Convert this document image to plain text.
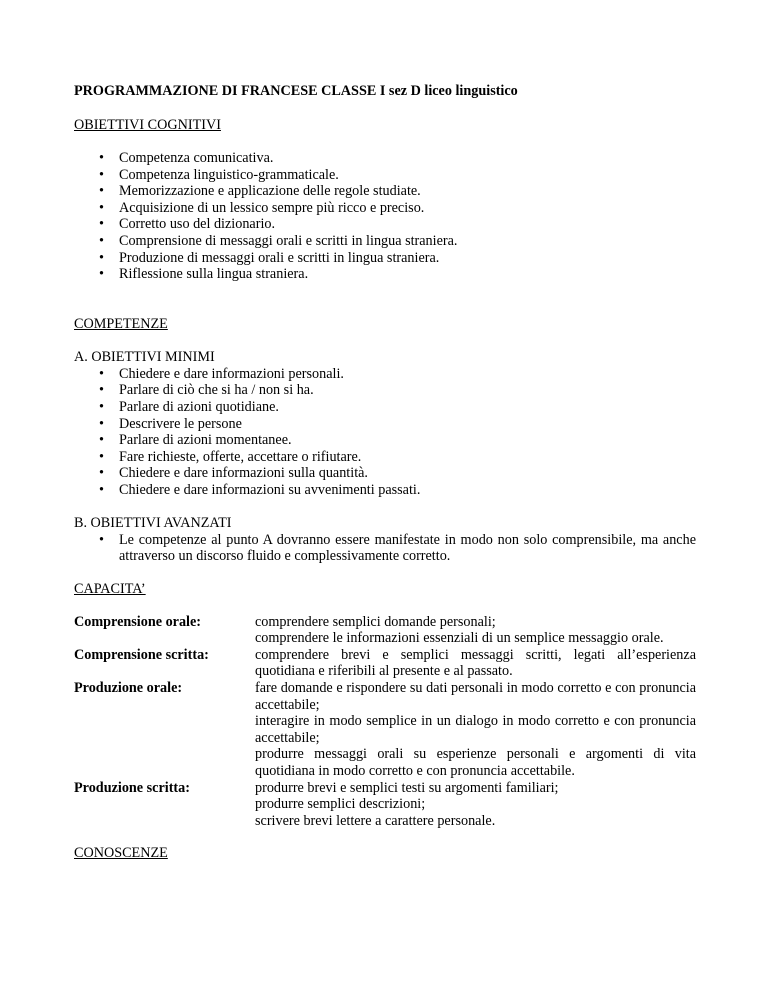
PROGRAMMAZIONE DI FRANCESE CLASSE I sez D liceo linguistico

OBIETTIVI COGNITIVI

• Competenza comunicativa.
• Competenza linguistico-grammaticale.
• Memorizzazione e applicazione delle regole studiate.
• Acquisizione di un lessico sempre più ricco e preciso.
• Corretto uso del dizionario.
• Comprensione di messaggi orali e scritti in lingua straniera.
• Produzione di messaggi orali e scritti in lingua straniera.
• Riflessione sulla lingua straniera.

COMPETENZE

A. OBIETTIVI MINIMI

• Chiedere e dare informazioni personali.
• Parlare di ciò che si ha / non si ha.
• Parlare di azioni quotidiane.
• Descrivere le persone
• Parlare di azioni momentanee.
• Fare richieste, offerte, accettare o rifiutare.
• Chiedere e dare informazioni sulla quantità.
• Chiedere e dare informazioni su avvenimenti passati.

B. OBIETTIVI AVANZATI

• Le competenze al punto A dovranno essere manifestate in modo non solo comprensibile, ma anche attraverso un discorso fluido e complessivamente corretto.

CAPACITA’

Comprensione orale:	comprendere semplici domande personali;
comprendere le informazioni essenziali di un semplice messaggio orale.
Comprensione scritta:	comprendere brevi e semplici messaggi scritti, legati all’esperienza quotidiana e riferibili al presente e al passato.
Produzione orale:	fare domande e rispondere su dati personali in modo corretto e con pronuncia accettabile;
interagire in modo semplice in un dialogo in modo corretto e con pronuncia accettabile;
produrre messaggi orali su esperienze personali e argomenti di vita quotidiana in modo corretto e con pronuncia accettabile.
Produzione scritta:	produrre brevi e semplici testi su argomenti familiari;
produrre semplici descrizioni;
scrivere brevi lettere a carattere personale.

CONOSCENZE
